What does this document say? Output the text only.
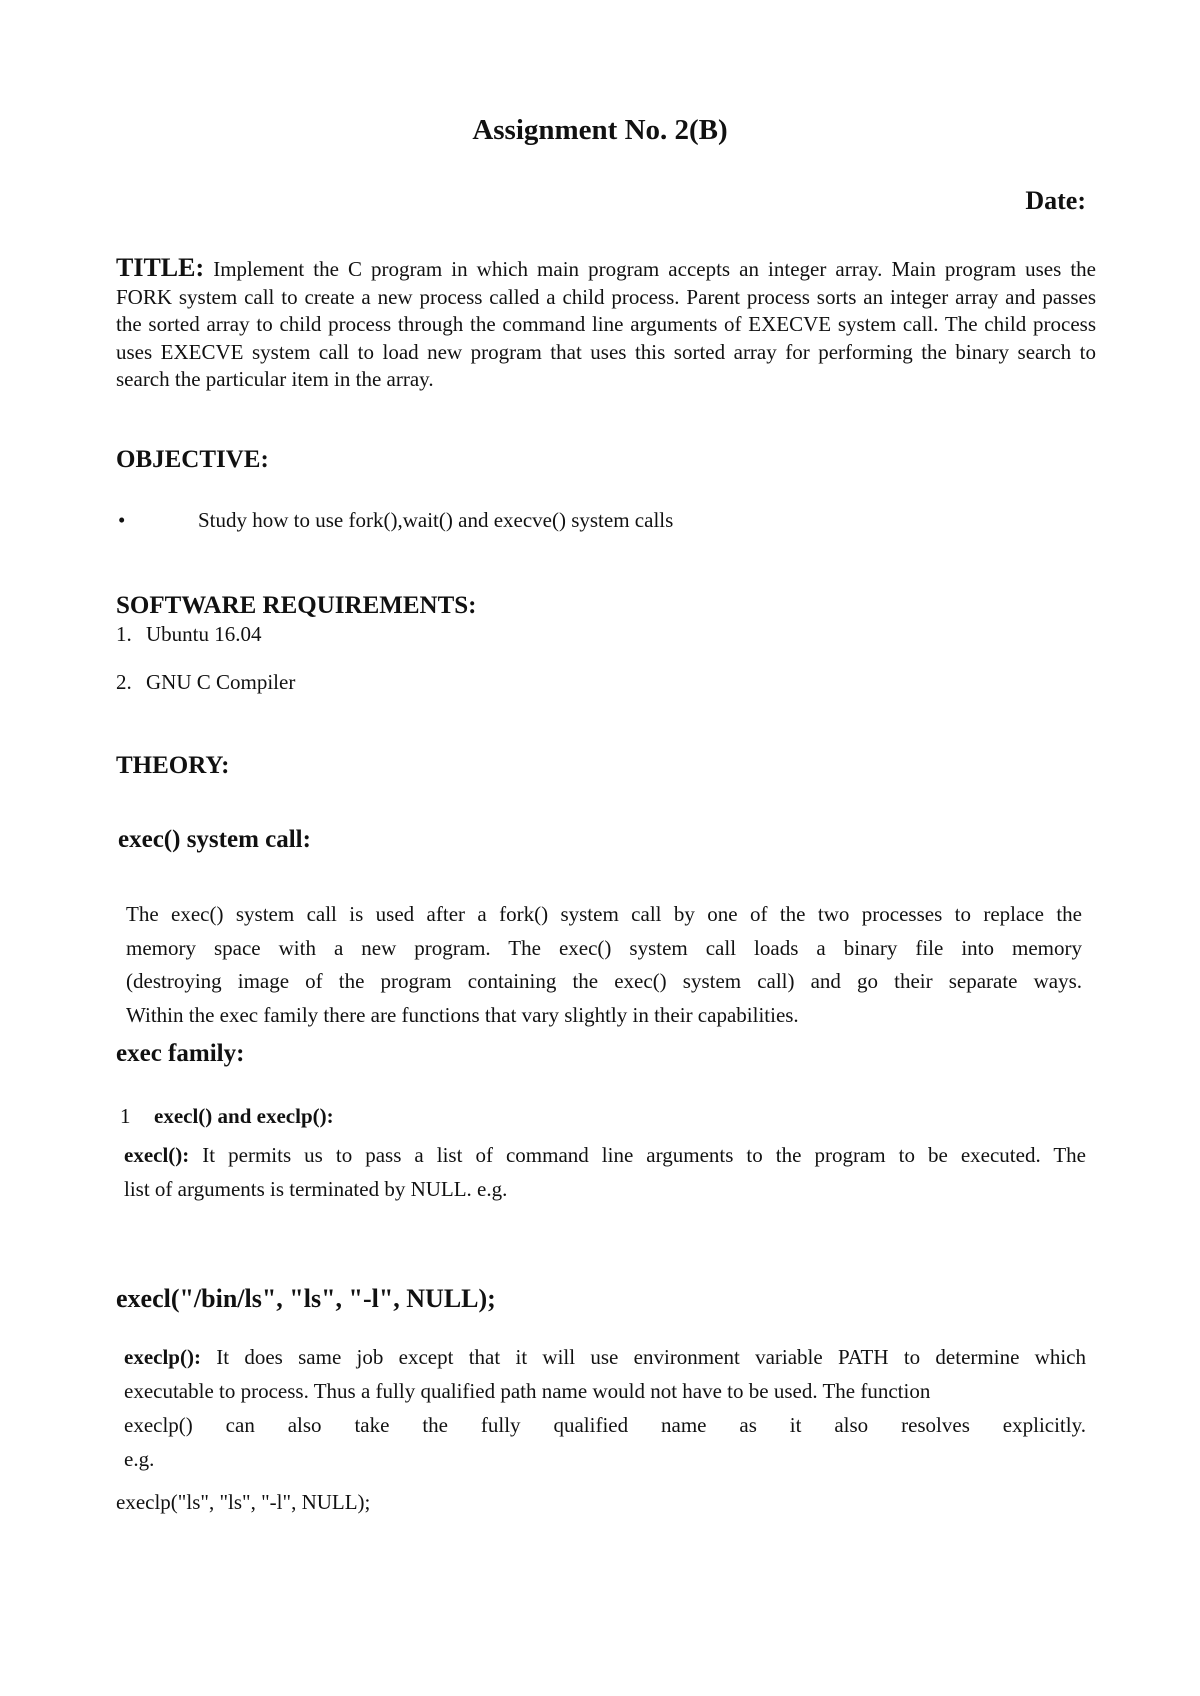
Assignment No. 2(B)
Date:
TITLE: Implement the C program in which main program accepts an integer array. Main program uses the FORK system call to create a new process called a child process. Parent process sorts an integer array and passes the sorted array to child process through the command line arguments of EXECVE system call. The child process uses EXECVE system call to load new program that uses this sorted array for performing the binary search to search the particular item in the array.
OBJECTIVE:
•	Study how to use fork(),wait() and execve() system calls
SOFTWARE REQUIREMENTS:
1. Ubuntu 16.04
2. GNU C Compiler
THEORY:
exec() system call:
The exec() system call is used after a fork() system call by one of the two processes to replace the
memory space with a new program. The exec() system call loads a binary file into memory
(destroying image of the program containing the exec() system call) and go their separate ways.
Within the exec family there are functions that vary slightly in their capabilities.
exec family:
1 execl() and execlp():
execl(): It permits us to pass a list of command line arguments to the program to be executed. The
list of arguments is terminated by NULL. e.g.
execl("/bin/ls", "ls", "-l", NULL);
execlp(): It does same job except that it will use environment variable PATH to determine which
executable to process. Thus a fully qualified path name would not have to be used. The function
execlp() can also take the fully qualified name as it also resolves explicitly.
e.g.
execlp("ls", "ls", "-l", NULL);
